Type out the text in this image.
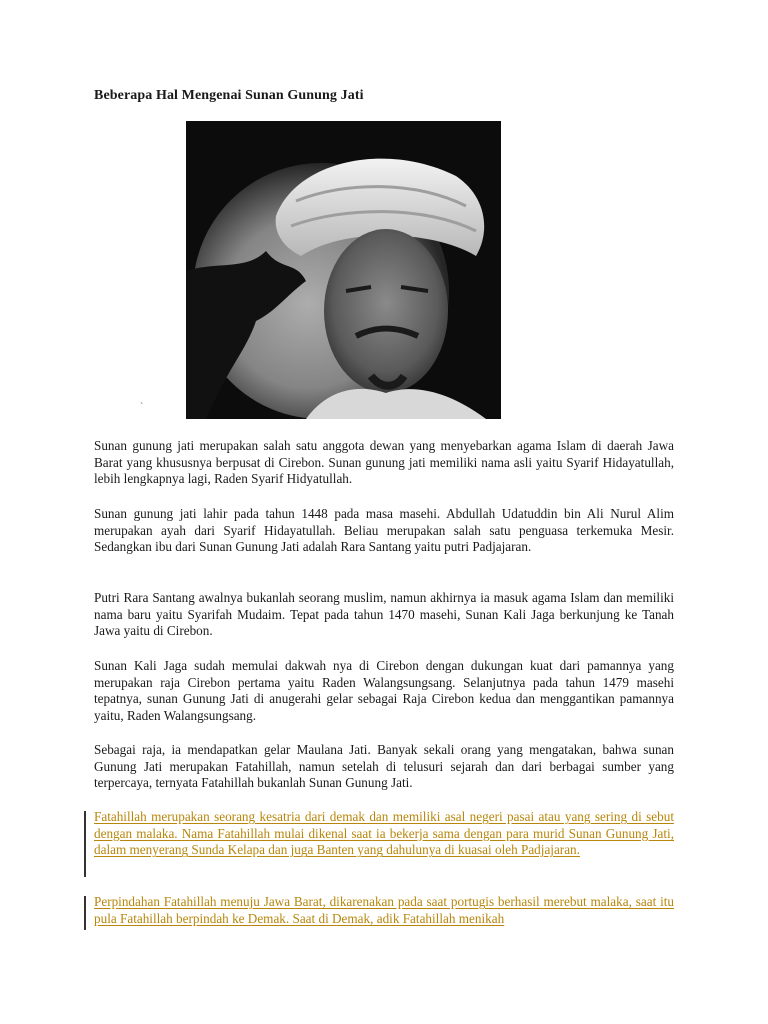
Beberapa Hal Mengenai Sunan Gunung Jati
`

Sunan gunung jati merupakan salah satu anggota dewan yang menyebarkan agama Islam di daerah Jawa Barat yang khususnya berpusat di Cirebon. Sunan gunung jati memiliki nama asli yaitu Syarif Hidayatullah, lebih lengkapnya lagi, Raden Syarif Hidyatullah.

Sunan gunung jati lahir pada tahun 1448 pada masa masehi. Abdullah Udatuddin bin Ali Nurul Alim merupakan ayah dari Syarif Hidayatullah. Beliau merupakan salah satu penguasa terkemuka Mesir. Sedangkan ibu dari Sunan Gunung Jati adalah Rara Santang yaitu putri Padjajaran.

Putri Rara Santang awalnya bukanlah seorang muslim, namun akhirnya ia masuk agama Islam dan memiliki nama baru yaitu Syarifah Mudaim. Tepat pada tahun 1470 masehi, Sunan Kali Jaga berkunjung ke Tanah Jawa yaitu di Cirebon.

Sunan Kali Jaga sudah memulai dakwah nya di Cirebon dengan dukungan kuat dari pamannya yang merupakan raja Cirebon pertama yaitu Raden Walangsungsang. Selanjutnya pada tahun 1479 masehi tepatnya, sunan Gunung Jati di anugerahi gelar sebagai Raja Cirebon kedua dan menggantikan pamannya yaitu, Raden Walangsungsang.

Sebagai raja, ia mendapatkan gelar Maulana Jati. Banyak sekali orang yang mengatakan, bahwa sunan Gunung Jati merupakan Fatahillah, namun setelah di telusuri sejarah dan dari berbagai sumber yang terpercaya, ternyata Fatahillah bukanlah Sunan Gunung Jati.

Fatahillah merupakan seorang kesatria dari demak dan memiliki asal negeri pasai atau yang sering di sebut dengan malaka. Nama Fatahillah mulai dikenal saat ia bekerja sama dengan para murid Sunan Gunung Jati, dalam menyerang Sunda Kelapa dan juga Banten yang dahulunya di kuasai oleh Padjajaran.

Perpindahan Fatahillah menuju Jawa Barat, dikarenakan pada saat portugis berhasil merebut malaka, saat itu pula Fatahillah berpindah ke Demak. Saat di Demak, adik Fatahillah menikah
